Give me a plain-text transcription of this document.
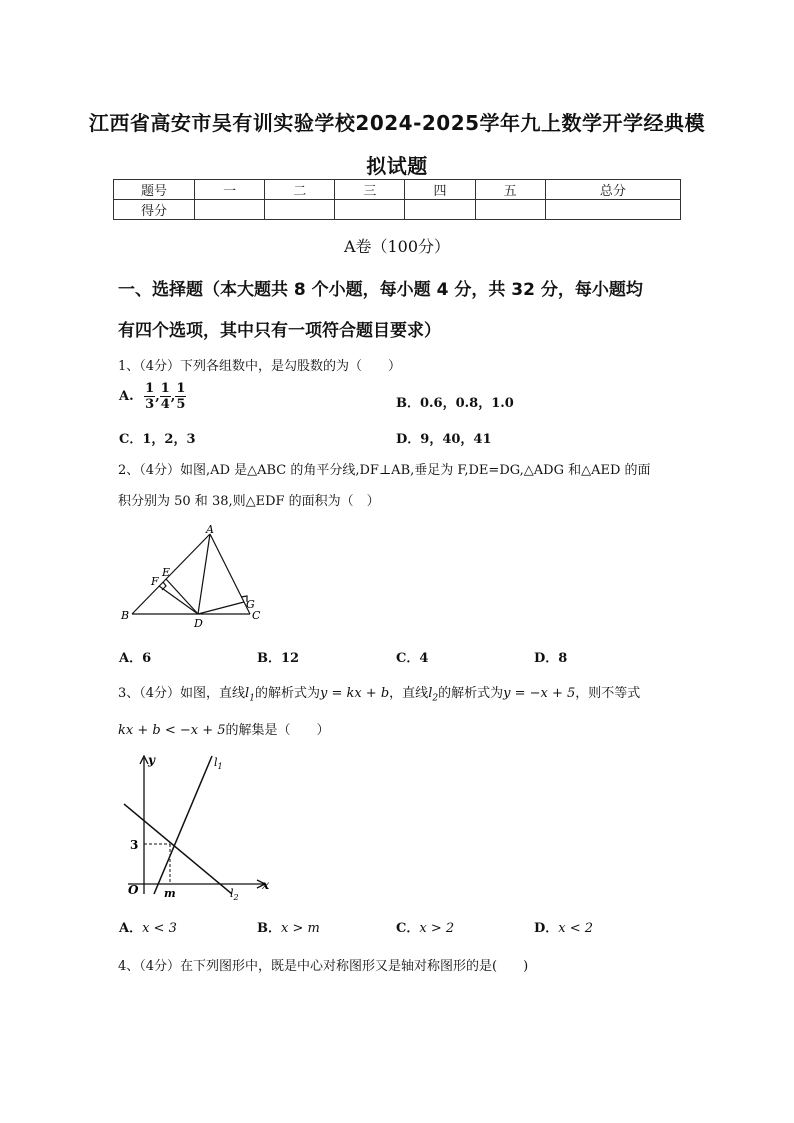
江西省高安市吴有训实验学校2024-2025学年九上数学开学经典模
拟试题
题号	一	二	三	四	五	总分
得分						
A卷（100分）
一、选择题（本大题共 8 个小题，每小题 4 分，共 32 分，每小题均
有四个选项，其中只有一项符合题目要求）
1、（4分）下列各组数中，是勾股数的为（　　）
A. $\frac{1}{3}$ , $\frac{1}{4}$ , $\frac{1}{5}$	B．0.6，0.8，1.0
C．1，2，3	D．9，40，41
2、（4分）如图,AD 是△ABC 的角平分线,DF⊥AB,垂足为 F,DE=DG,△ADG 和△AED 的面
积分别为 50 和 38,则△EDF 的面积为（　）
A
B	C
D
E
F
G
A．6	B．12	C．4	D．8
3、（4分）如图，直线$l_1$的解析式为y = kx + b，直线$l_2$的解析式为y = −x + 5，则不等式
kx + b < −x + 5的解集是（　　）
y
x
O m
3
$l_1$
$l_2$
A．x < 3	B．x > m	C．x > 2	D．x < 2
4、（4分）在下列图形中，既是中心对称图形又是轴对称图形的是(　　)
